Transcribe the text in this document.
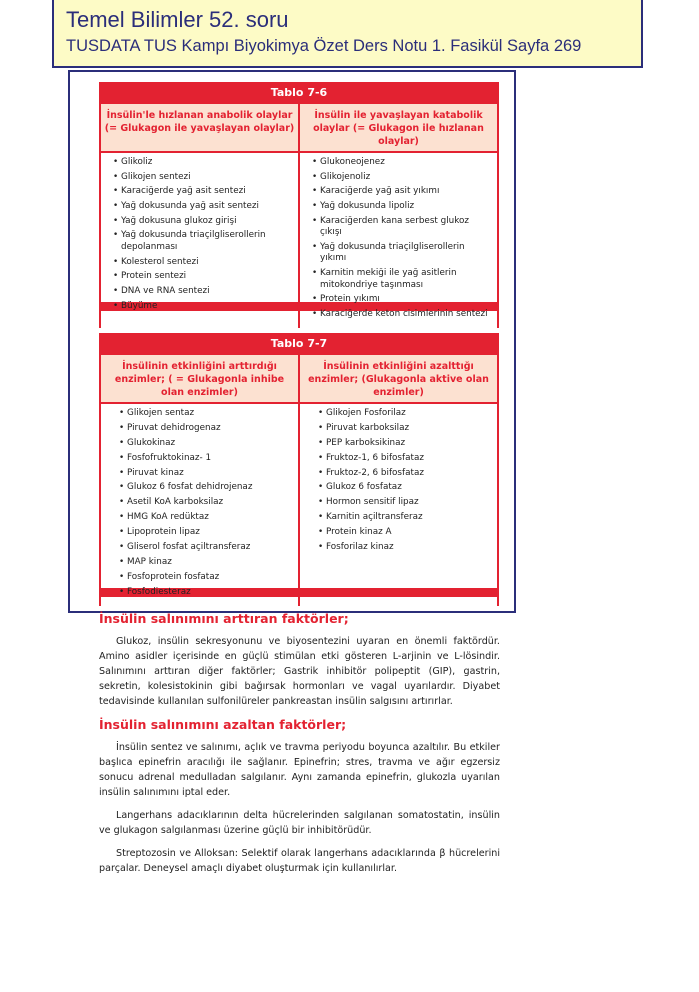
Temel Bilimler 52. soru
TUSDATA TUS Kampı Biyokimya Özet Ders Notu 1. Fasikül Sayfa 269
Tablo 7-6
İnsülin'le hızlanan anabolik olaylar (= Glukagon ile yavaşlayan olaylar)
İnsülin ile yavaşlayan katabolik olaylar (= Glukagon ile hızlanan olaylar)
• Glikoliz
• Glikojen sentezi
• Karaciğerde yağ asit sentezi
• Yağ dokusunda yağ asit sentezi
• Yağ dokusuna glukoz girişi
• Yağ dokusunda triaçilgliserollerin depolanması
• Kolesterol sentezi
• Protein sentezi
• DNA ve RNA sentezi
• Büyüme
• Glukoneojenez
• Glikojenoliz
• Karaciğerde yağ asit yıkımı
• Yağ dokusunda lipoliz
• Karaciğerden kana serbest glukoz çıkışı
• Yağ dokusunda triaçilgliserollerin yıkımı
• Karnitin mekiği ile yağ asitlerin mitokondriye taşınması
• Protein yıkımı
• Karaciğerde keton cisimlerinin sentezi
Tablo 7-7
İnsülinin etkinliğini arttırdığı enzimler; ( = Glukagonla inhibe olan enzimler)
İnsülinin etkinliğini azalttığı enzimler; (Glukagonla aktive olan enzimler)
• Glikojen sentaz
• Piruvat dehidrogenaz
• Glukokinaz
• Fosfofruktokinaz- 1
• Piruvat kinaz
• Glukoz 6 fosfat dehidrojenaz
• Asetil KoA karboksilaz
• HMG KoA redüktaz
• Lipoprotein lipaz
• Gliserol fosfat açiltransferaz
• MAP kinaz
• Fosfoprotein fosfataz
• Fosfodiesteraz
• Glikojen Fosforilaz
• Piruvat karboksilaz
• PEP karboksikinaz
• Fruktoz-1, 6 bifosfataz
• Fruktoz-2, 6 bifosfataz
• Glukoz 6 fosfataz
• Hormon sensitif lipaz
• Karnitin açiltransferaz
• Protein kinaz A
• Fosforilaz kinaz

İnsülin salınımını arttıran faktörler;

Glukoz, insülin sekresyonunu ve biyosentezini uyaran en önemli faktördür. Amino asidler içerisinde en güçlü stimülan etki gösteren L-arjinin ve L-lösindir. Salınımını arttıran diğer faktörler; Gastrik inhibitör polipeptit (GIP), gastrin, sekretin, kolesistokinin gibi bağırsak hormonları ve vagal uyarılardır. Diyabet tedavisinde kullanılan sulfonilüreler pankreastan insülin salgısını artırırlar.

İnsülin salınımını azaltan faktörler;

İnsülin sentez ve salınımı, açlık ve travma periyodu boyunca azaltılır. Bu etkiler başlıca epinefrin aracılığı ile sağlanır. Epinefrin; stres, travma ve ağır egzersiz sonucu adrenal medulladan salgılanır. Aynı zamanda epinefrin, glukozla uyarılan insülin salınımını iptal eder.

Langerhans adacıklarının delta hücrelerinden salgılanan somatostatin, insülin ve glukagon salgılanması üzerine güçlü bir inhibitörüdür.

Streptozosin ve Alloksan: Selektif olarak langerhans adacıklarında β hücrelerini parçalar. Deneysel amaçlı diyabet oluşturmak için kullanılırlar.
